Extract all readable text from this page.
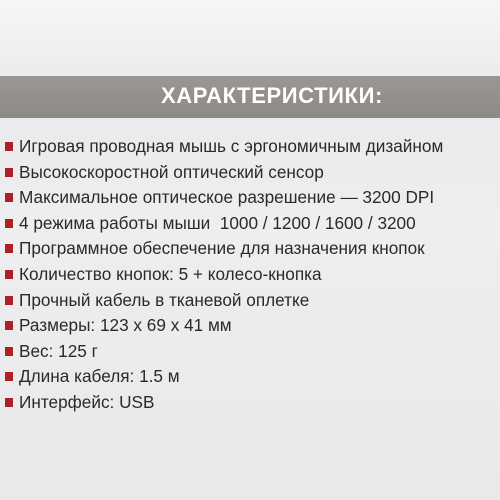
ХАРАКТЕРИСТИКИ:
Игровая проводная мышь с эргономичным дизайном
Высокоскоростной оптический сенсор
Максимальное оптическое разрешение — 3200 DPI
4 режима работы мыши  1000 / 1200 / 1600 / 3200
Программное обеспечение для назначения кнопок
Количество кнопок: 5 + колесо-кнопка
Прочный кабель в тканевой оплетке
Размеры: 123 х 69 х 41 мм
Вес: 125 г
Длина кабеля: 1.5 м
Интерфейс: USB
